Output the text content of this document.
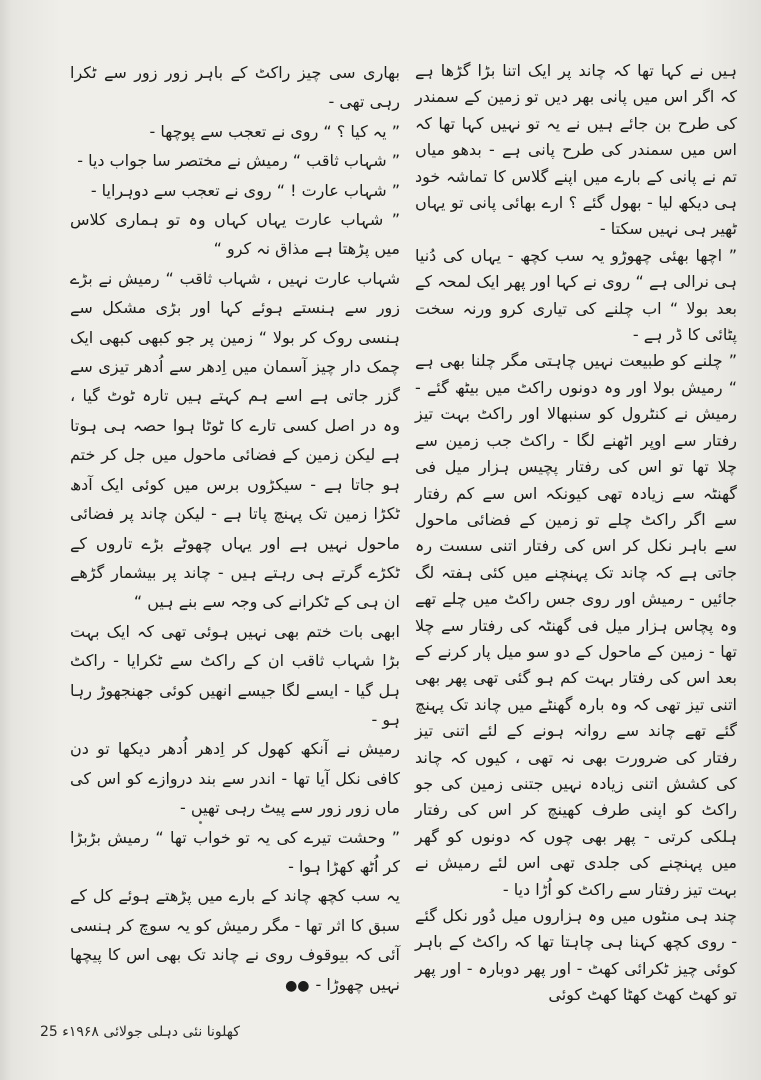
ہیں نے کہا تھا کہ چاند پر ایک اتنا بڑا گڑھا ہے کہ اگر اس میں پانی بھر دیں تو زمین کے سمندر کی طرح بن جائے ہیں نے یہ تو نہیں کہا تھا کہ اس میں سمندر کی طرح پانی ہے - بدھو میاں تم نے پانی کے بارے میں اپنے گلاس کا تماشہ خود ہی دیکھ لیا - بھول گئے ؟ ارے بھائی پانی تو یہاں ٹھیر ہی نہیں سکتا -

” اچھا بھئی چھوڑو یہ سب کچھ - یہاں کی دُنیا ہی نرالی ہے “ روی نے کہا اور پھر ایک لمحہ کے بعد بولا “ اب چلنے کی تیاری کرو ورنہ سخت پٹائی کا ڈر ہے -

” چلنے کو طبیعت نہیں چاہتی مگر چلنا بھی ہے “ رمیش بولا اور وہ دونوں راکٹ میں بیٹھ گئے - رمیش نے کنٹرول کو سنبھالا اور راکٹ بہت تیز رفتار سے اوپر اٹھنے لگا - راکٹ جب زمین سے چلا تھا تو اس کی رفتار پچیس ہزار میل فی گھنٹہ سے زیادہ تھی کیونکہ اس سے کم رفتار سے اگر راکٹ چلے تو زمین کے فضائی ماحول سے باہر نکل کر اس کی رفتار اتنی سست رہ جاتی ہے کہ چاند تک پہنچنے میں کئی ہفتہ لگ جائیں - رمیش اور روی جس راکٹ میں چلے تھے وہ پچاس ہزار میل فی گھنٹہ کی رفتار سے چلا تھا - زمین کے ماحول کے دو سو میل پار کرنے کے بعد اس کی رفتار بہت کم ہو گئی تھی پھر بھی اتنی تیز تھی کہ وہ بارہ گھنٹے میں چاند تک پہنچ گئے تھے چاند سے روانہ ہونے کے لئے اتنی تیز رفتار کی ضرورت بھی نہ تھی ، کیوں کہ چاند کی کشش اتنی زیادہ نہیں جتنی زمین کی جو راکٹ کو اپنی طرف کھینچ کر اس کی رفتار ہلکی کرتی - پھر بھی چوں کہ دونوں کو گھر میں پہنچنے کی جلدی تھی اس لئے رمیش نے بہت تیز رفتار سے راکٹ کو اُڑا دیا -

چند ہی منٹوں میں وہ ہزاروں میل دُور نکل گئے - روی کچھ کہنا ہی چاہتا تھا کہ راکٹ کے باہر کوئی چیز ٹکرائی کھٹ - اور پھر دوبارہ - اور پھر تو کھٹ کھٹ کھٹا کھٹ کوئی

بھاری سی چیز راکٹ کے باہر زور زور سے ٹکرا رہی تھی -

” یہ کیا ؟ “ روی نے تعجب سے پوچھا -

” شہاب ثاقب “ رمیش نے مختصر سا جواب دیا -

” شہاب عارت ! “ روی نے تعجب سے دوہرایا -

” شہاب عارت یہاں کہاں وہ تو ہماری کلاس میں پڑھتا ہے مذاق نہ کرو “

شہاب عارت نہیں ، شہاب ثاقب “ رمیش نے بڑے زور سے ہنستے ہوئے کہا اور بڑی مشکل سے ہنسی روک کر بولا “ زمین پر جو کبھی کبھی ایک چمک دار چیز آسمان میں اِدھر سے اُدھر تیزی سے گزر جاتی ہے اسے ہم کہتے ہیں تارہ ٹوٹ گیا ، وہ در اصل کسی تارے کا ٹوٹا ہوا حصہ ہی ہوتا ہے لیکن زمین کے فضائی ماحول میں جل کر ختم ہو جاتا ہے - سیکڑوں برس میں کوئی ایک آدھ ٹکڑا زمین تک پہنچ پاتا ہے - لیکن چاند پر فضائی ماحول نہیں ہے اور یہاں چھوٹے بڑے تاروں کے ٹکڑے گرتے ہی رہتے ہیں - چاند پر بیشمار گڑھے ان ہی کے ٹکرانے کی وجہ سے بنے ہیں “

ابھی بات ختم بھی نہیں ہوئی تھی کہ ایک بہت بڑا شہاب ثاقب ان کے راکٹ سے ٹکرایا - راکٹ ہل گیا - ایسے لگا جیسے انھیں کوئی جھنجھوڑ رہا ہو -

رمیش نے آنکھ کھول کر اِدھر اُدھر دیکھا تو دن کافی نکل آیا تھا - اندر سے بند دروازے کو اس کی ماں زور زور سے پیٹ رہی تھیں -

” وحشت تیرے کی یہ تو خواب تھا “ رمیش بڑبڑا کر اُٹھ کھڑا ہوا -

یہ سب کچھ چاند کے بارے میں پڑھتے ہوئے کل کے سبق کا اثر تھا - مگر رمیش کو یہ سوچ کر ہنسی آئی کہ بیوقوف روی نے چاند تک بھی اس کا پیچھا نہیں چھوڑا -●●

کھلونا نئی دہلی جولائی ۱۹۶۸ء 25
